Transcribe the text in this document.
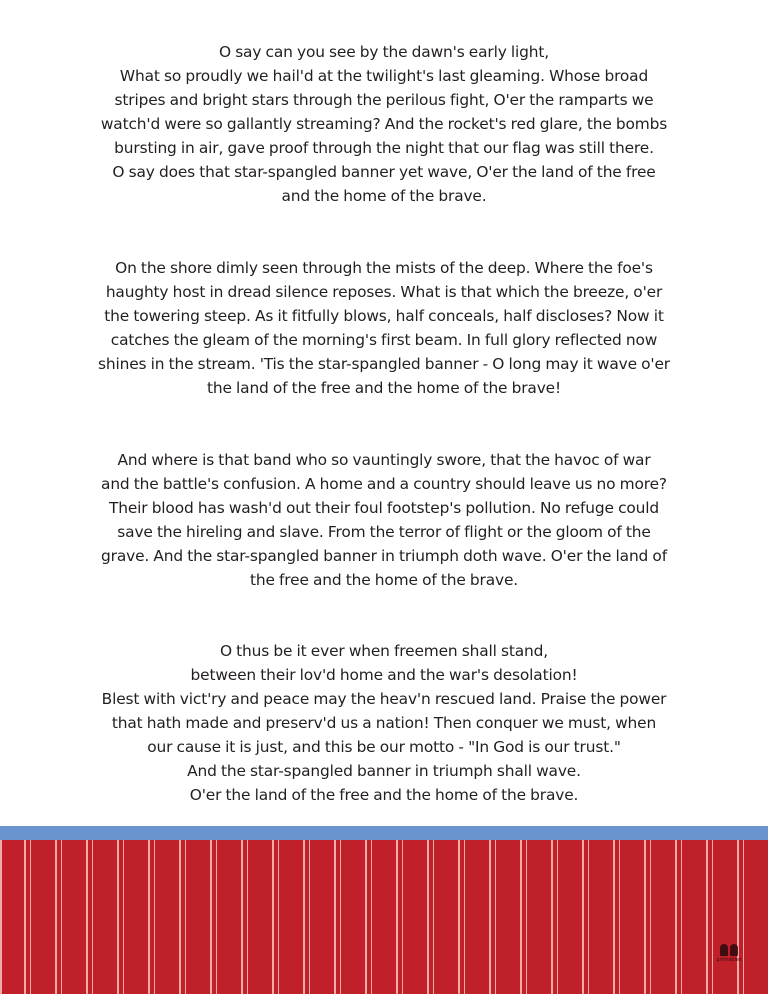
O say can you see by the dawn's early light,
What so proudly we hail'd at the twilight's last gleaming. Whose broad
stripes and bright stars through the perilous fight, O'er the ramparts we
watch'd were so gallantly streaming? And the rocket's red glare, the bombs
bursting in air, gave proof through the night that our flag was still there.
O say does that star-spangled banner yet wave, O'er the land of the free
and the home of the brave.
On the shore dimly seen through the mists of the deep. Where the foe's
haughty host in dread silence reposes. What is that which the breeze, o'er
the towering steep. As it fitfully blows, half conceals, half discloses? Now it
catches the gleam of the morning's first beam. In full glory reflected now
shines in the stream. 'Tis the star-spangled banner - O long may it wave o'er
the land of the free and the home of the brave!
And where is that band who so vauntingly swore, that the havoc of war
and the battle's confusion. A home and a country should leave us no more?
Their blood has wash'd out their foul footstep's pollution. No refuge could
save the hireling and slave. From the terror of flight or the gloom of the
grave. And the star-spangled banner in triumph doth wave. O'er the land of
the free and the home of the brave.
O thus be it ever when freemen shall stand,
between their lov'd home and the war's desolation!
Blest with vict'ry and peace may the heav'n rescued land. Praise the power
that hath made and preserv'd us a nation! Then conquer we must, when
our cause it is just, and this be our motto - "In God is our trust."
And the star-spangled banner in triumph shall wave.
O'er the land of the free and the home of the brave.
printables
